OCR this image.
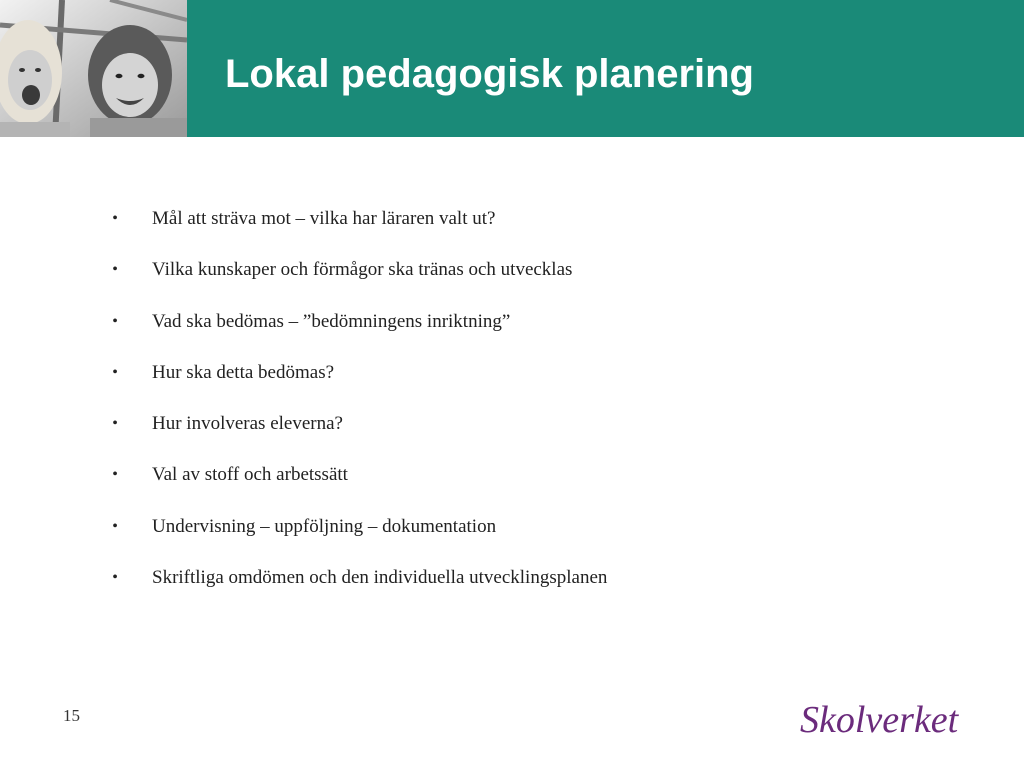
Lokal pedagogisk planering
• Mål att sträva mot – vilka har läraren valt ut?
• Vilka kunskaper och förmågor ska tränas och utvecklas
• Vad ska bedömas – ”bedömningens inriktning”
• Hur ska detta bedömas?
• Hur involveras eleverna?
• Val av stoff och arbetssätt
• Undervisning – uppföljning – dokumentation
• Skriftliga omdömen och den individuella utvecklingsplanen
15	Skolverket
